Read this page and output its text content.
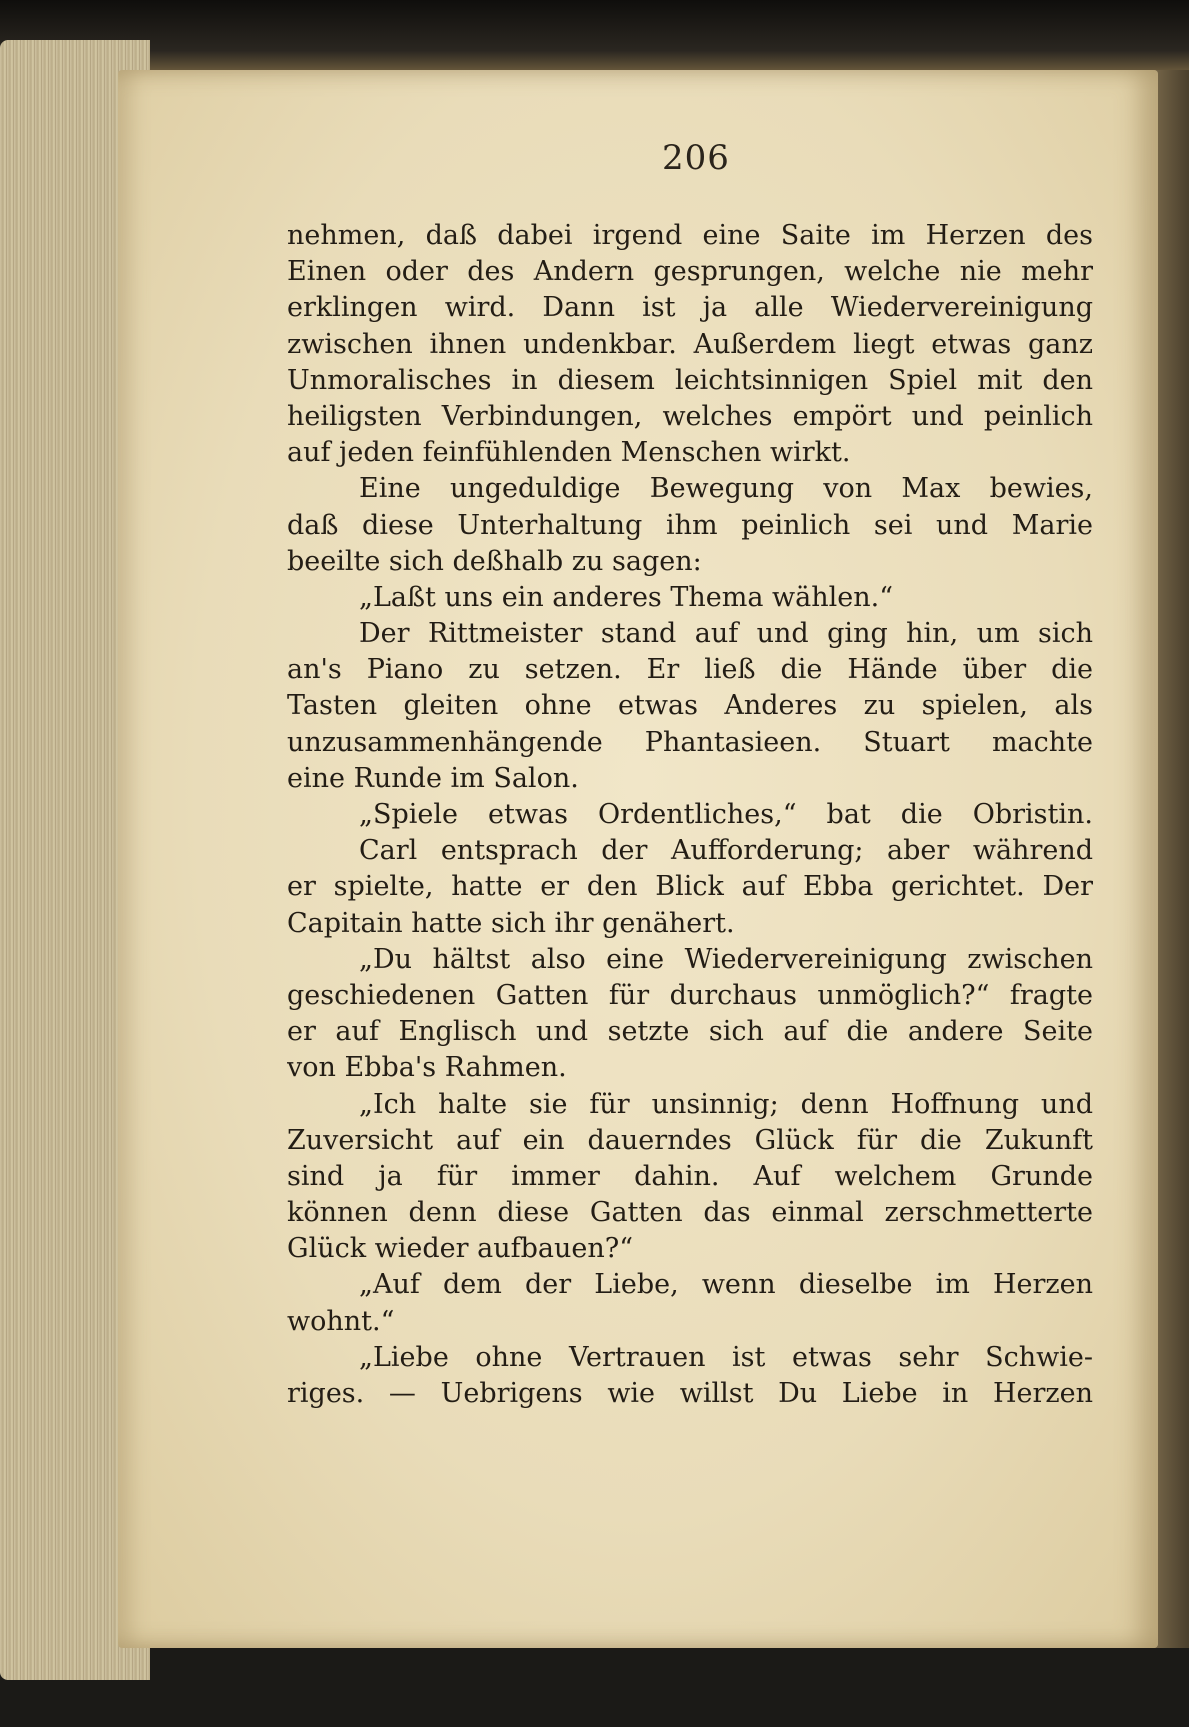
206
nehmen, daß dabei irgend eine Saite im Herzen des
Einen oder des Andern gesprungen, welche nie mehr
erklingen wird. Dann ist ja alle Wiedervereinigung
zwischen ihnen undenkbar. Außerdem liegt etwas ganz
Unmoralisches in diesem leichtsinnigen Spiel mit den
heiligsten Verbindungen, welches empört und peinlich
auf jeden feinfühlenden Menschen wirkt.
Eine ungeduldige Bewegung von Max bewies,
daß diese Unterhaltung ihm peinlich sei und Marie
beeilte sich deßhalb zu sagen:
„Laßt uns ein anderes Thema wählen.“
Der Rittmeister stand auf und ging hin, um sich
an's Piano zu setzen. Er ließ die Hände über die
Tasten gleiten ohne etwas Anderes zu spielen, als
unzusammenhängende Phantasieen. Stuart machte
eine Runde im Salon.
„Spiele etwas Ordentliches,“ bat die Obristin.
Carl entsprach der Aufforderung; aber während
er spielte, hatte er den Blick auf Ebba gerichtet. Der
Capitain hatte sich ihr genähert.
„Du hältst also eine Wiedervereinigung zwischen
geschiedenen Gatten für durchaus unmöglich?“ fragte
er auf Englisch und setzte sich auf die andere Seite
von Ebba's Rahmen.
„Ich halte sie für unsinnig; denn Hoffnung und
Zuversicht auf ein dauerndes Glück für die Zukunft
sind ja für immer dahin. Auf welchem Grunde
können denn diese Gatten das einmal zerschmetterte
Glück wieder aufbauen?“
„Auf dem der Liebe, wenn dieselbe im Herzen
wohnt.“
„Liebe ohne Vertrauen ist etwas sehr Schwie-
riges. — Uebrigens wie willst Du Liebe in Herzen
